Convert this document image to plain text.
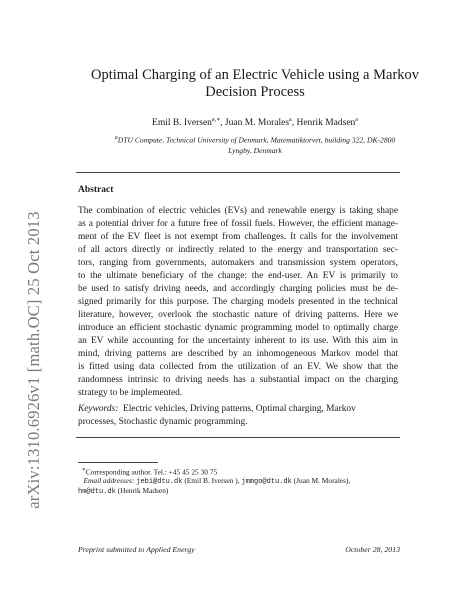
arXiv:1310.6926v1 [math.OC] 25 Oct 2013
Optimal Charging of an Electric Vehicle using a Markov
Decision Process
Emil B. Iversen$^{a,∗}$, Juan M. Morales$^a$, Henrik Madsen$^a$
$^a$DTU Compute, Technical University of Denmark, Matematiktorvet, building 322, DK-2800
Lyngby, Denmark
Abstract
The combination of electric vehicles (EVs) and renewable energy is taking shape
as a potential driver for a future free of fossil fuels. However, the efficient manage-
ment of the EV fleet is not exempt from challenges. It calls for the involvement
of all actors directly or indirectly related to the energy and transportation sec-
tors, ranging from governments, automakers and transmission system operators,
to the ultimate beneficiary of the change: the end-user. An EV is primarily to
be used to satisfy driving needs, and accordingly charging policies must be de-
signed primarily for this purpose. The charging models presented in the technical
literature, however, overlook the stochastic nature of driving patterns. Here we
introduce an efficient stochastic dynamic programming model to optimally charge
an EV while accounting for the uncertainty inherent to its use. With this aim in
mind, driving patterns are described by an inhomogeneous Markov model that
is fitted using data collected from the utilization of an EV. We show that the
randomness intrinsic to driving needs has a substantial impact on the charging
strategy to be implemented.
Keywords: Electric vehicles, Driving patterns, Optimal charging, Markov
processes, Stochastic dynamic programming.
∗Corresponding author. Tel.: +45 45 25 30 75
Email addresses: jebi@dtu.dk (Emil B. Iversen ), jmmgo@dtu.dk (Juan M. Morales),
hm@dtu.dk (Henrik Madsen)
Preprint submitted to Applied Energy	October 28, 2013
